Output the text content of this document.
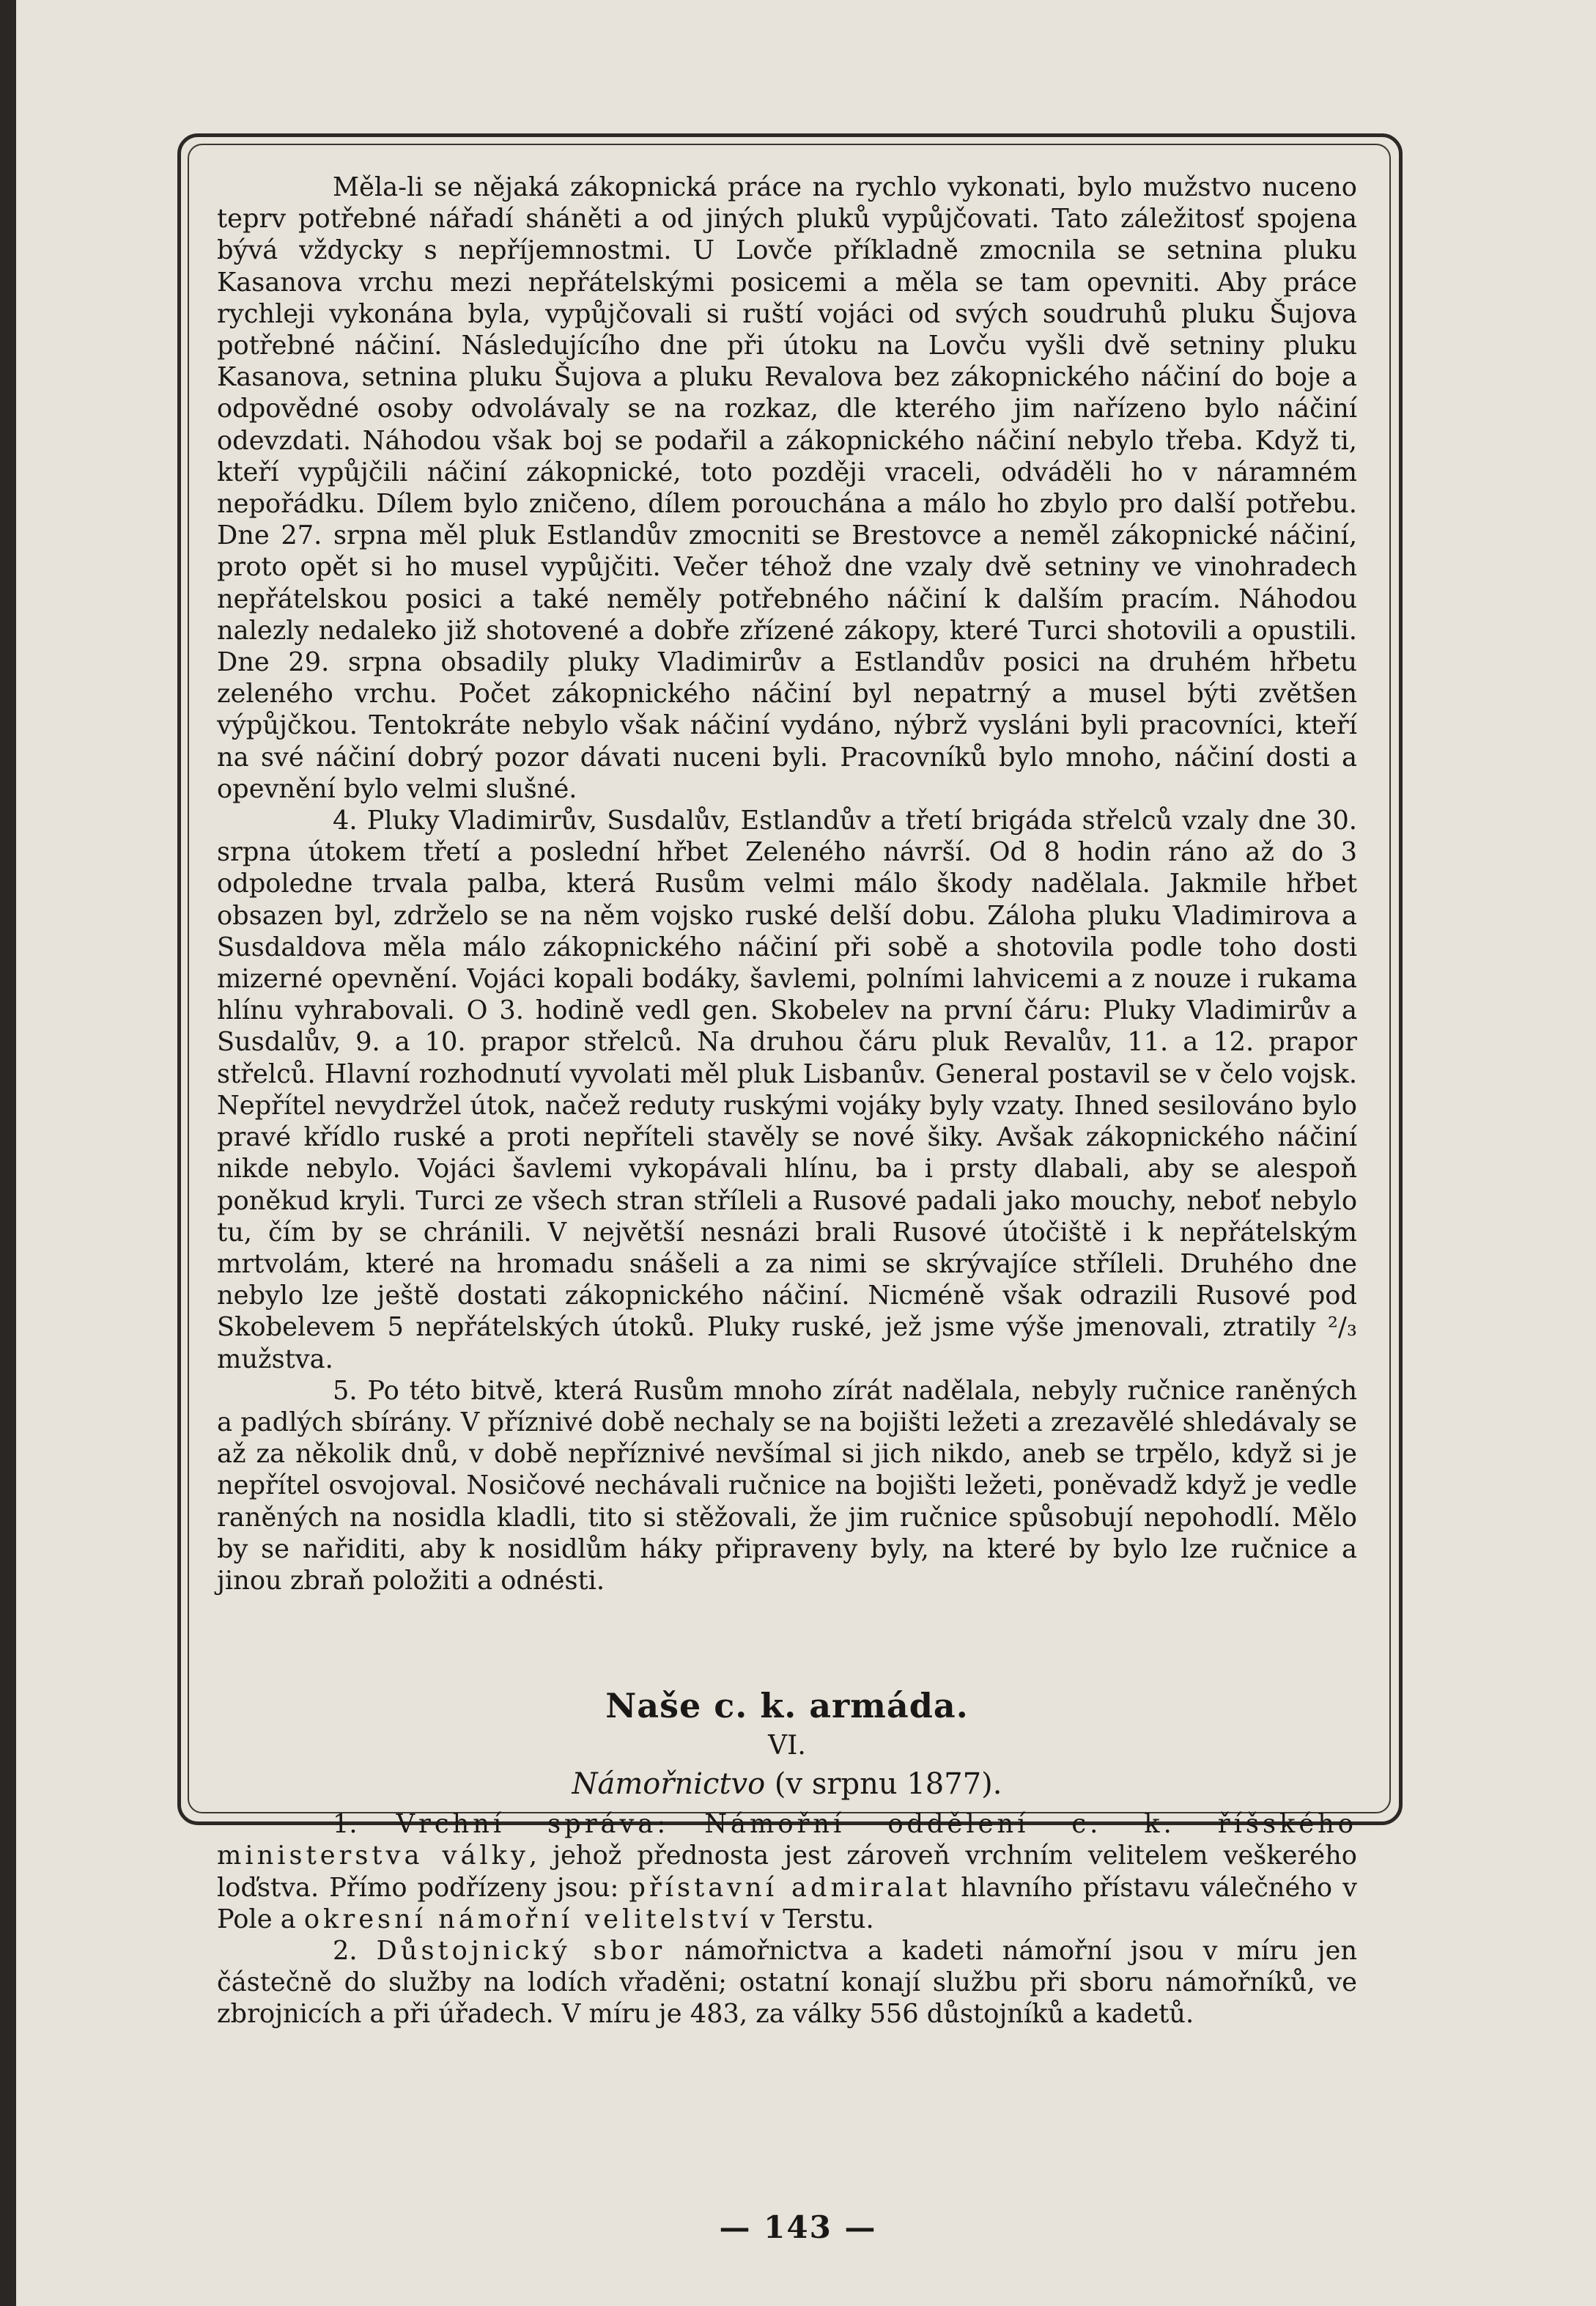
Měla-li se nějaká zákopnická práce na rychlo vykonati, bylo mužstvo nuceno teprv potřebné nářadí sháněti a od jiných pluků vypůjčovati. Tato záležitosť spojena bývá vždycky s nepříjemnostmi. U Lovče příkladně zmocnila se setnina pluku Kasanova vrchu mezi nepřátelskými posicemi a měla se tam opevniti. Aby práce rychleji vykonána byla, vypůjčovali si ruští vojáci od svých soudruhů pluku Šujova potřebné náčiní. Následujícího dne při útoku na Lovču vyšli dvě setniny pluku Kasanova, setnina pluku Šujova a pluku Revalova bez zákopnického náčiní do boje a odpovědné osoby odvolávaly se na rozkaz, dle kterého jim nařízeno bylo náčiní odevzdati. Náhodou však boj se podařil a zákopnického náčiní nebylo třeba. Když ti, kteří vypůjčili náčiní zákopnické, toto později vraceli, odváděli ho v náramném nepořádku. Dílem bylo zničeno, dílem porouchána a málo ho zbylo pro další potřebu. Dne 27. srpna měl pluk Estlandův zmocniti se Brestovce a neměl zákopnické náčiní, proto opět si ho musel vypůjčiti. Večer téhož dne vzaly dvě setniny ve vinohradech nepřátelskou posici a také neměly potřebného náčiní k dalším pracím. Náhodou nalezly nedaleko již shotovené a dobře zřízené zákopy, které Turci shotovili a opustili. Dne 29. srpna obsadily pluky Vladimirův a Estlandův posici na druhém hřbetu zeleného vrchu. Počet zákopnického náčiní byl nepatrný a musel býti zvětšen výpůjčkou. Tentokráte nebylo však náčiní vydáno, nýbrž vysláni byli pracovníci, kteří na své náčiní dobrý pozor dávati nuceni byli. Pracovníků bylo mnoho, náčiní dosti a opevnění bylo velmi slušné.

4. Pluky Vladimirův, Susdalův, Estlandův a třetí brigáda střelců vzaly dne 30. srpna útokem třetí a poslední hřbet Zeleného návrší. Od 8 hodin ráno až do 3 odpoledne trvala palba, která Rusům velmi málo škody nadělala. Jakmile hřbet obsazen byl, zdrželo se na něm vojsko ruské delší dobu. Záloha pluku Vladimirova a Susdaldova měla málo zákopnického náčiní při sobě a shotovila podle toho dosti mizerné opevnění. Vojáci kopali bodáky, šavlemi, polními lahvicemi a z nouze i rukama hlínu vyhrabovali. O 3. hodině vedl gen. Skobelev na první čáru: Pluky Vladimirův a Susdalův, 9. a 10. prapor střelců. Na druhou čáru pluk Revalův, 11. a 12. prapor střelců. Hlavní rozhodnutí vyvolati měl pluk Lisbanův. General postavil se v čelo vojsk. Nepřítel nevydržel útok, načež reduty ruskými vojáky byly vzaty. Ihned sesilováno bylo pravé křídlo ruské a proti nepříteli stavěly se nové šiky. Avšak zákopnického náčiní nikde nebylo. Vojáci šavlemi vykopávali hlínu, ba i prsty dlabali, aby se alespoň poněkud kryli. Turci ze všech stran stříleli a Rusové padali jako mouchy, neboť nebylo tu, čím by se chránili. V největší nesnázi brali Rusové útočiště i k nepřátelským mrtvolám, které na hromadu snášeli a za nimi se skrývajíce stříleli. Druhého dne nebylo lze ještě dostati zákopnického náčiní. Nicméně však odrazili Rusové pod Skobelevem 5 nepřátelských útoků. Pluky ruské, jež jsme výše jmenovali, ztratily ²/₃ mužstva.

5. Po této bitvě, která Rusům mnoho zírát nadělala, nebyly ručnice raněných a padlých sbírány. V příznivé době nechaly se na bojišti ležeti a zrezavělé shledávaly se až za několik dnů, v době nepříznivé nevšímal si jich nikdo, aneb se trpělo, když si je nepřítel osvojoval. Nosičové nechávali ručnice na bojišti ležeti, poněvadž když je vedle raněných na nosidla kladli, tito si stěžovali, že jim ručnice spůsobují nepohodlí. Mělo by se nařiditi, aby k nosidlům háky připraveny byly, na které by bylo lze ručnice a jinou zbraň položiti a odnésti.

Naše c. k. armáda.

VI.

Námořnictvo (v srpnu 1877).

1. Vrchní správa: Námořní oddělení c. k. říšského ministerstva války, jehož přednosta jest zároveň vrchním velitelem veškerého loďstva. Přímo podřízeny jsou: přístavní admiralat hlavního přístavu válečného v Pole a okresní námořní velitelství v Terstu.

2. Důstojnický sbor námořnictva a kadeti námořní jsou v míru jen částečně do služby na lodích vřaděni; ostatní konají službu při sboru námořníků, ve zbrojnicích a při úřadech. V míru je 483, za války 556 důstojníků a kadetů.

— 143 —
